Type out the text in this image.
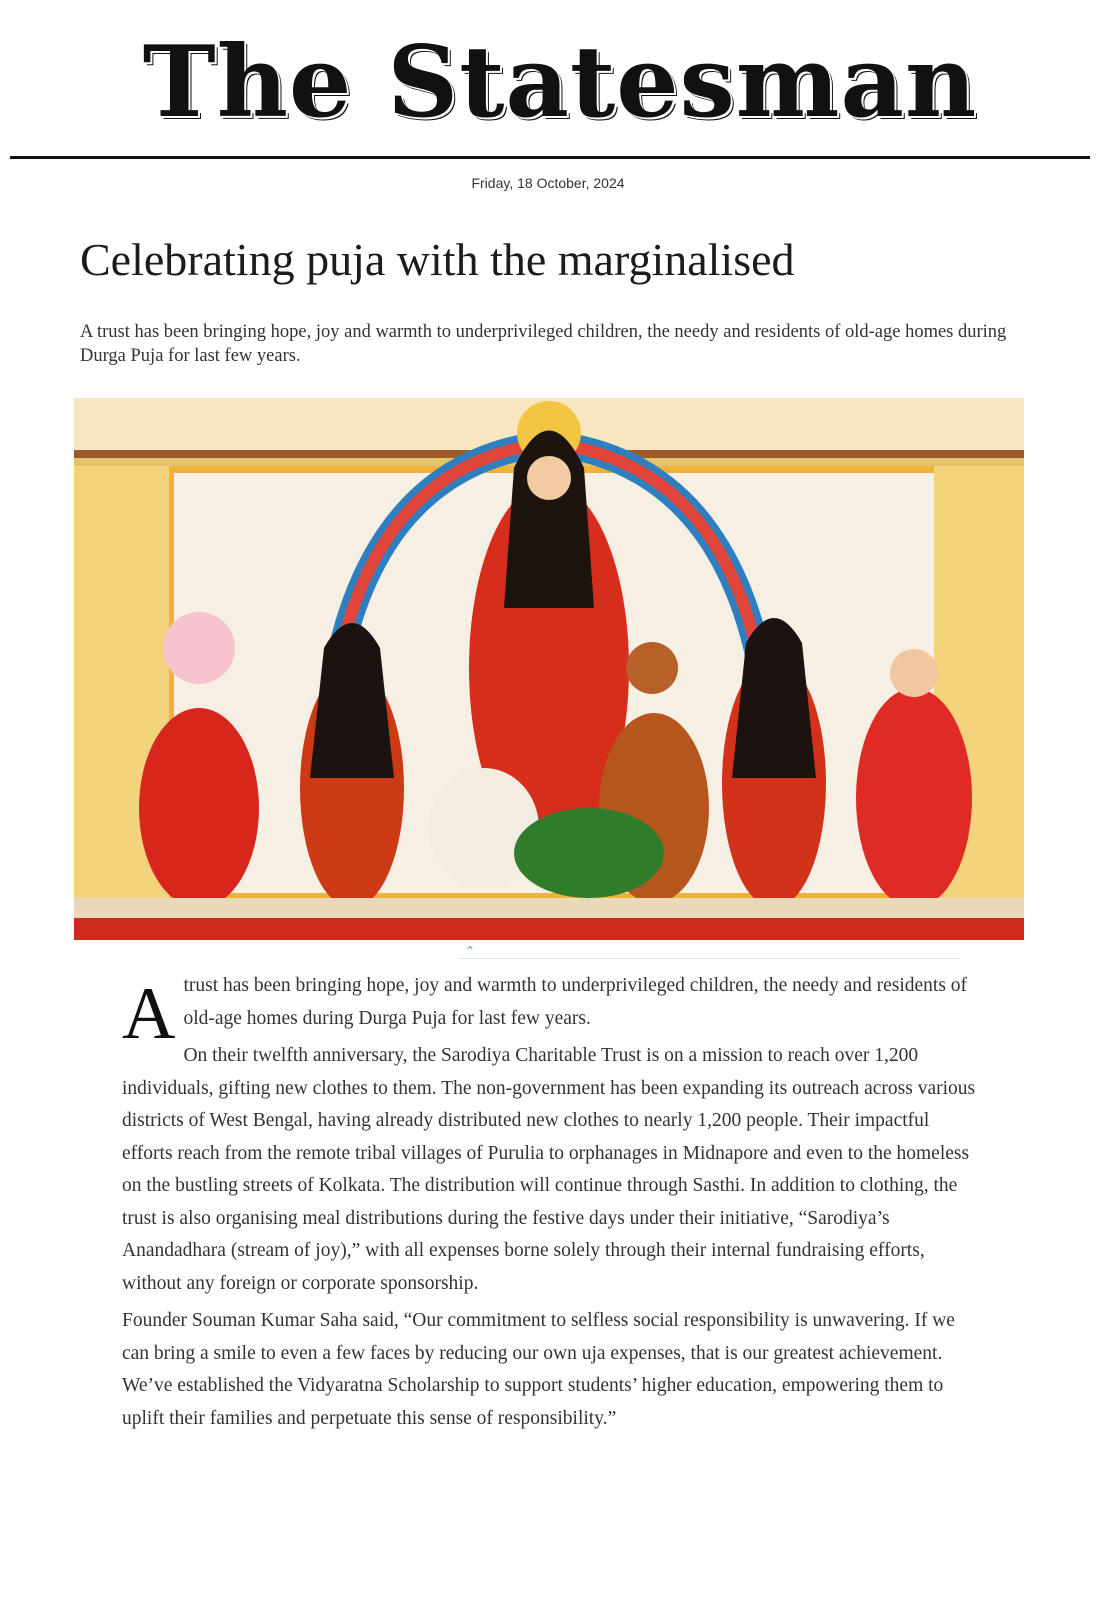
The Statesman
Friday, 18 October, 2024
Celebrating puja with the marginalised

A trust has been bringing hope, joy and warmth to underprivileged children, the needy and residents of old-age homes during Durga Puja for last few years.

⌃

Atrust has been bringing hope, joy and warmth to underprivileged children, the needy and residents of old-age homes during Durga Puja for last few years.

On their twelfth anniversary, the Sarodiya Charitable Trust is on a mission to reach over 1,200 individuals, gifting new clothes to them. The non-government has been expanding its outreach across various districts of West Bengal, having already distributed new clothes to nearly 1,200 people. Their impactful efforts reach from the remote tribal villages of Purulia to orphanages in Midnapore and even to the homeless on the bustling streets of Kolkata. The distribution will continue through Sasthi. In addition to clothing, the trust is also organising meal distributions during the festive days under their initiative, “Sarodiya’s Anandadhara (stream of joy),” with all expenses borne solely through their internal fundraising efforts, without any foreign or corporate sponsorship.

Founder Souman Kumar Saha said, “Our commitment to selfless social responsibility is unwavering. If we can bring a smile to even a few faces by reducing our own uja expenses, that is our greatest achievement. We’ve established the Vidyaratna Scholarship to support students’ higher education, empowering them to uplift their families and perpetuate this sense of responsibility.”
